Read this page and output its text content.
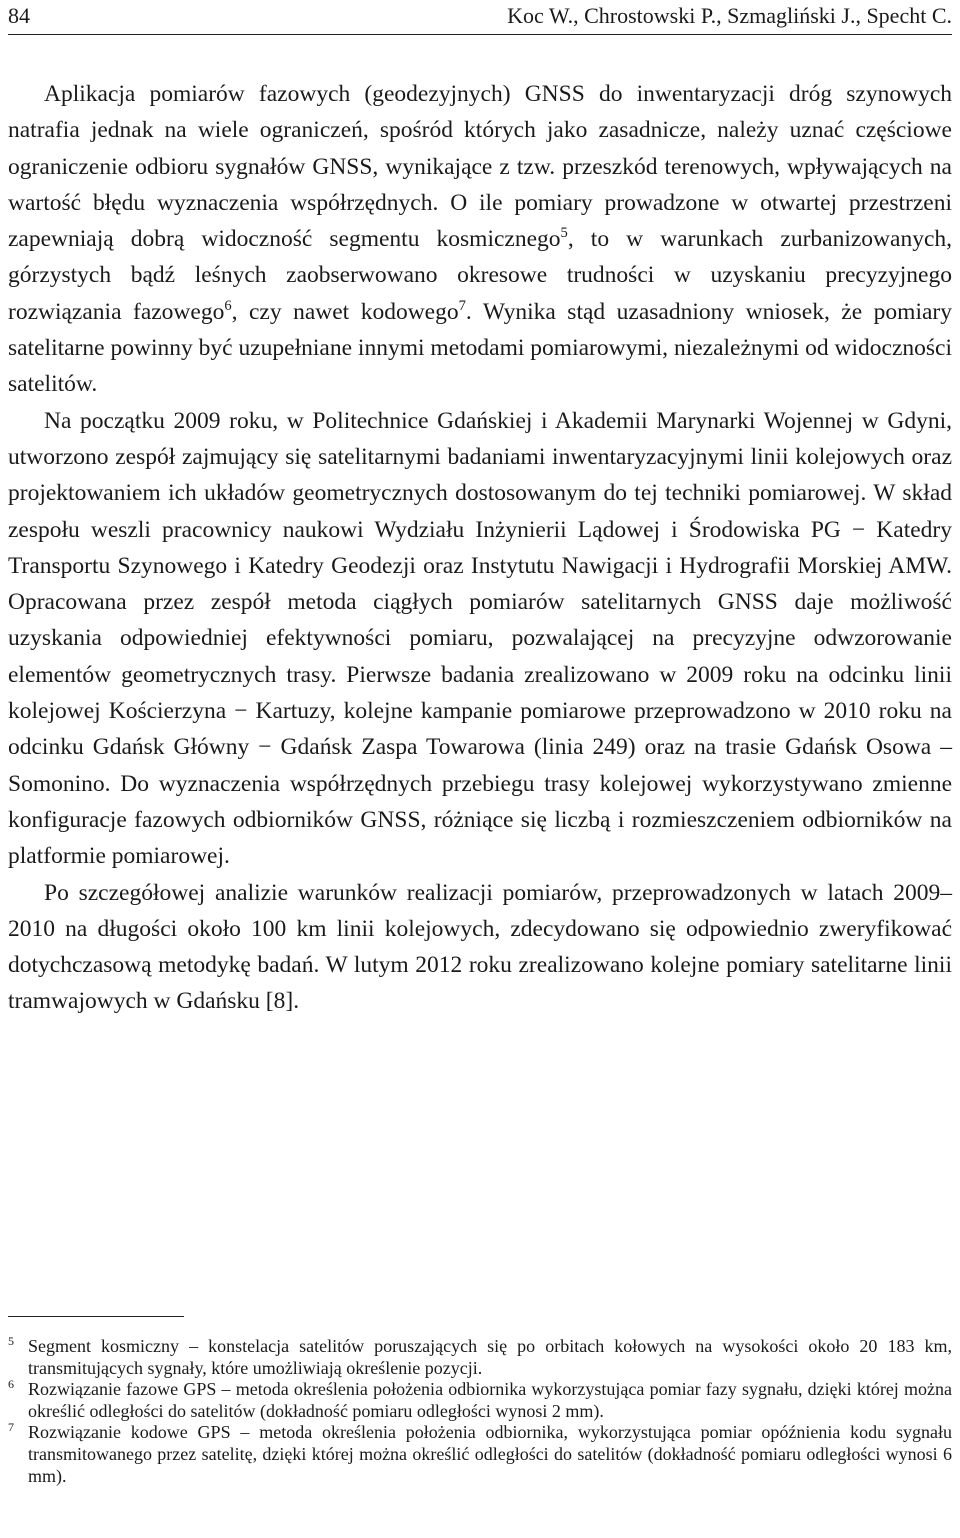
84	Koc W., Chrostowski P., Szmagliński J., Specht C.

Aplikacja pomiarów fazowych (geodezyjnych) GNSS do inwentaryzacji dróg szynowych natrafia jednak na wiele ograniczeń, spośród których jako zasadnicze, należy uznać częściowe ograniczenie odbioru sygnałów GNSS, wynikające z tzw. przeszkód terenowych, wpływających na wartość błędu wyznaczenia współrzędnych. O ile pomiary prowadzone w otwartej przestrzeni zapewniają dobrą widoczność segmentu kosmicznego$^5$, to w warunkach zurbanizowanych, górzystych bądź leśnych zaobserwowano okresowe trudności w uzyskaniu precyzyjnego rozwiązania fazowego$^6$, czy nawet kodowego$^7$. Wynika stąd uzasadniony wniosek, że pomiary satelitarne powinny być uzupełniane innymi metodami pomiarowymi, niezależnymi od widoczności satelitów.

Na początku 2009 roku, w Politechnice Gdańskiej i Akademii Marynarki Wojennej w Gdyni, utworzono zespół zajmujący się satelitarnymi badaniami inwentaryzacyjnymi linii kolejowych oraz projektowaniem ich układów geometrycznych dostosowanym do tej techniki pomiarowej. W skład zespołu weszli pracownicy naukowi Wydziału Inżynierii Lądowej i Środowiska PG − Katedry Transportu Szynowego i Katedry Geodezji oraz Instytutu Nawigacji i Hydrografii Morskiej AMW. Opracowana przez zespół metoda ciągłych pomiarów satelitarnych GNSS daje możliwość uzyskania odpowiedniej efektywności pomiaru, pozwalającej na precyzyjne odwzorowanie elementów geometrycznych trasy. Pierwsze badania zrealizowano w 2009 roku na odcinku linii kolejowej Kościerzyna − Kartuzy, kolejne kampanie pomiarowe przeprowadzono w 2010 roku na odcinku Gdańsk Główny − Gdańsk Zaspa Towarowa (linia 249) oraz na trasie Gdańsk Osowa – Somonino. Do wyznaczenia współrzędnych przebiegu trasy kolejowej wykorzystywano zmienne konfiguracje fazowych odbiorników GNSS, różniące się liczbą i rozmieszczeniem odbiorników na platformie pomiarowej.

Po szczegółowej analizie warunków realizacji pomiarów, przeprowadzonych w latach 2009–2010 na długości około 100 km linii kolejowych, zdecydowano się odpowiednio zweryfikować dotychczasową metodykę badań. W lutym 2012 roku zrealizowano kolejne pomiary satelitarne linii tramwajowych w Gdańsku [8].

5 Segment kosmiczny – konstelacja satelitów poruszających się po orbitach kołowych na wysokości około 20 183 km, transmitujących sygnały, które umożliwiają określenie pozycji.

6 Rozwiązanie fazowe GPS – metoda określenia położenia odbiornika wykorzystująca pomiar fazy sygnału, dzięki której można określić odległości do satelitów (dokładność pomiaru odległości wynosi 2 mm).

7 Rozwiązanie kodowe GPS – metoda określenia położenia odbiornika, wykorzystująca pomiar opóźnienia kodu sygnału transmitowanego przez satelitę, dzięki której można określić odległości do satelitów (dokładność pomiaru odległości wynosi 6 mm).
